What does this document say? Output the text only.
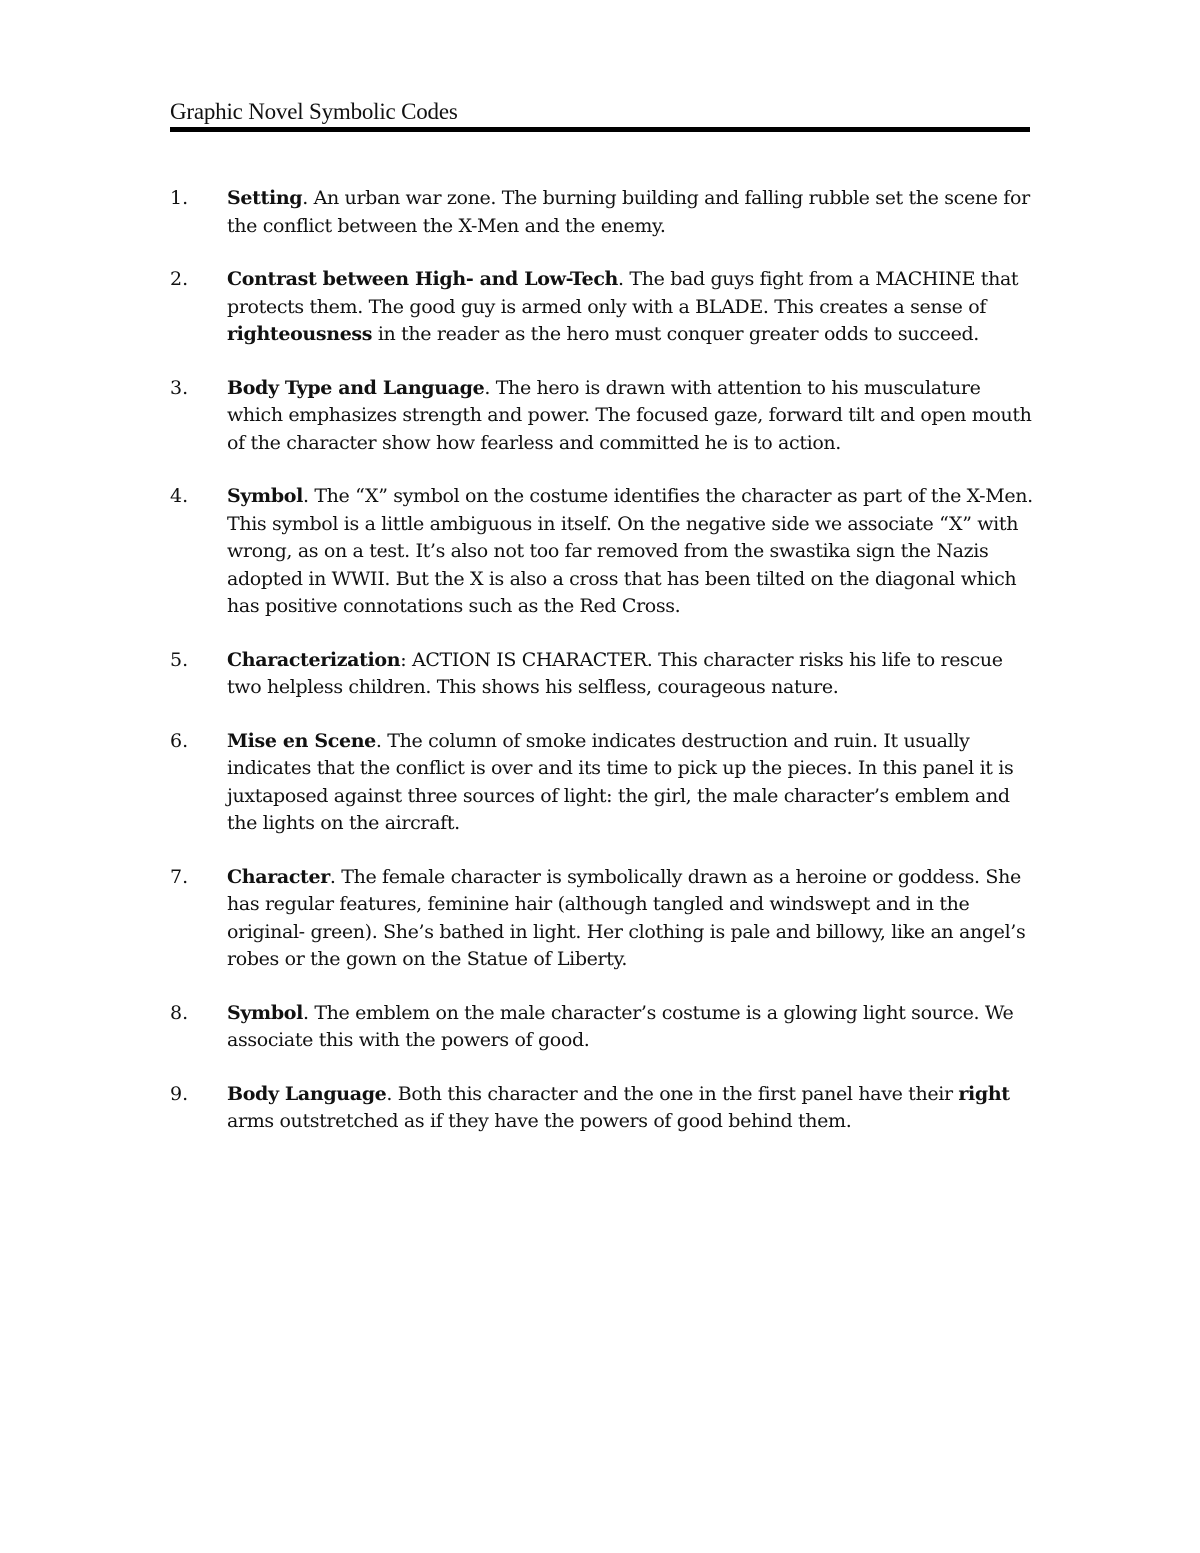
Graphic Novel Symbolic Codes
1.	Setting. An urban war zone. The burning building and falling rubble set the scene for the conflict between the X-Men and the enemy.
2.	Contrast between High- and Low-Tech. The bad guys fight from a MACHINE that protects them. The good guy is armed only with a BLADE. This creates a sense of righteousness in the reader as the hero must conquer greater odds to succeed.
3.	Body Type and Language. The hero is drawn with attention to his musculature which emphasizes strength and power. The focused gaze, forward tilt and open mouth of the character show how fearless and committed he is to action.
4.	Symbol. The “X” symbol on the costume identifies the character as part of the X-Men. This symbol is a little ambiguous in itself. On the negative side we associate “X” with wrong, as on a test. It’s also not too far removed from the swastika sign the Nazis adopted in WWII. But the X is also a cross that has been tilted on the diagonal which has positive connotations such as the Red Cross.
5.	Characterization: ACTION IS CHARACTER. This character risks his life to rescue two helpless children. This shows his selfless, courageous nature.
6.	Mise en Scene. The column of smoke indicates destruction and ruin. It usually indicates that the conflict is over and its time to pick up the pieces. In this panel it is juxtaposed against three sources of light: the girl, the male character’s emblem and the lights on the aircraft.
7.	Character. The female character is symbolically drawn as a heroine or goddess. She has regular features, feminine hair (although tangled and windswept and in the original- green). She’s bathed in light. Her clothing is pale and billowy, like an angel’s robes or the gown on the Statue of Liberty.
8.	Symbol. The emblem on the male character’s costume is a glowing light source. We associate this with the powers of good.
9.	Body Language. Both this character and the one in the first panel have their right arms outstretched as if they have the powers of good behind them.
